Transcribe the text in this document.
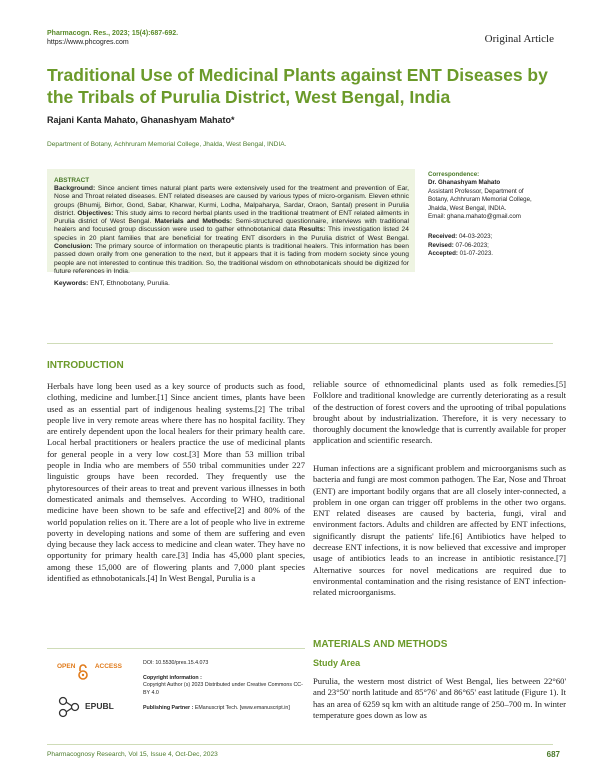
Pharmacogn. Res., 2023; 15(4):687-692.
https://www.phcogres.com	Original Article
Traditional Use of Medicinal Plants against ENT Diseases by the Tribals of Purulia District, West Bengal, India
Rajani Kanta Mahato, Ghanashyam Mahato*
Department of Botany, Achhruram Memorial College, Jhalda, West Bengal, INDIA.
ABSTRACT
Background: Since ancient times natural plant parts were extensively used for the treatment and prevention of Ear, Nose and Throat related diseases. ENT related diseases are caused by various types of micro-organism. Eleven ethnic groups (Bhumij, Birhor, Gond, Sabar, Kharwar, Kurmi, Lodha, Malpaharya, Sardar, Oraon, Santal) present in Purulia district. Objectives: This study aims to record herbal plants used in the traditional treatment of ENT related ailments in Purulia district of West Bengal. Materials and Methods: Semi-structured questionnaire, interviews with traditional healers and focused group discussion were used to gather ethnobotanical data Results: This investigation listed 24 species in 20 plant families that are beneficial for treating ENT disorders in the Purulia district of West Bengal. Conclusion: The primary source of information on therapeutic plants is traditional healers. This information has been passed down orally from one generation to the next, but it appears that it is fading from modern society since young people are not interested to continue this tradition. So, the traditional wisdom on ethnobotanicals should be digitized for future references in India.
Keywords: ENT, Ethnobotany, Purulia.
Correspondence:
Dr. Ghanashyam Mahato
Assistant Professor, Department of
Botany, Achhruram Memorial College,
Jhalda, West Bengal, INDIA.
Email: ghana.mahato@gmail.com
Received: 04-03-2023;
Revised: 07-06-2023;
Accepted: 01-07-2023.
INTRODUCTION
Herbals have long been used as a key source of products such as food, clothing, medicine and lumber.[1] Since ancient times, plants have been used as an essential part of indigenous healing systems.[2] The tribal people live in very remote areas where there has no hospital facility. They are entirely dependent upon the local healers for their primary health care. Local herbal practitioners or healers practice the use of medicinal plants for general people in a very low cost.[3] More than 53 million tribal people in India who are members of 550 tribal communities under 227 linguistic groups have been recorded. They frequently use the phytoresources of their areas to treat and prevent various illnesses in both domesticated animals and themselves. According to WHO, traditional medicine have been shown to be safe and effective[2] and 80% of the world population relies on it. There are a lot of people who live in extreme poverty in developing nations and some of them are suffering and even dying because they lack access to medicine and clean water. They have no opportunity for primary health care.[3] India has 45,000 plant species, among these 15,000 are of flowering plants and 7,000 plant species identified as ethnobotanicals.[4] In West Bengal, Purulia is a
reliable source of ethnomedicinal plants used as folk remedies.[5] Folklore and traditional knowledge are currently deteriorating as a result of the destruction of forest covers and the uprooting of tribal populations brought about by industrialization. Therefore, it is very necessary to thoroughly document the knowledge that is currently available for proper application and scientific research.
Human infections are a significant problem and microorganisms such as bacteria and fungi are most common pathogen. The Ear, Nose and Throat (ENT) are important bodily organs that are all closely inter-connected, a problem in one organ can trigger off problems in the other two organs. ENT related diseases are caused by bacteria, fungi, viral and environment factors. Adults and children are affected by ENT infections, significantly disrupt the patients' life.[6] Antibiotics have helped to decrease ENT infections, it is now believed that excessive and improper usage of antibiotics leads to an increase in antibiotic resistance.[7] Alternative sources for novel medications are required due to environmental contamination and the rising resistance of ENT infection-related microorganisms.
MATERIALS AND METHODS
Study Area
Purulia, the western most district of West Bengal, lies between 22°60' and 23°50' north latitude and 85°76' and 86°65' east latitude (Figure 1). It has an area of 6259 sq km with an altitude range of 250–700 m. In winter temperature goes down as low as
OPEN	ACCESS
EPUBL
DOI: 10.5530/pres.15.4.073
Copyright information :
Copyright Author (s) 2023 Distributed under Creative Commons CC-BY 4.0
Publishing Partner : EManuscript Tech. [www.emanuscript.in]
Pharmacognosy Research, Vol 15, Issue 4, Oct-Dec, 2023	687
